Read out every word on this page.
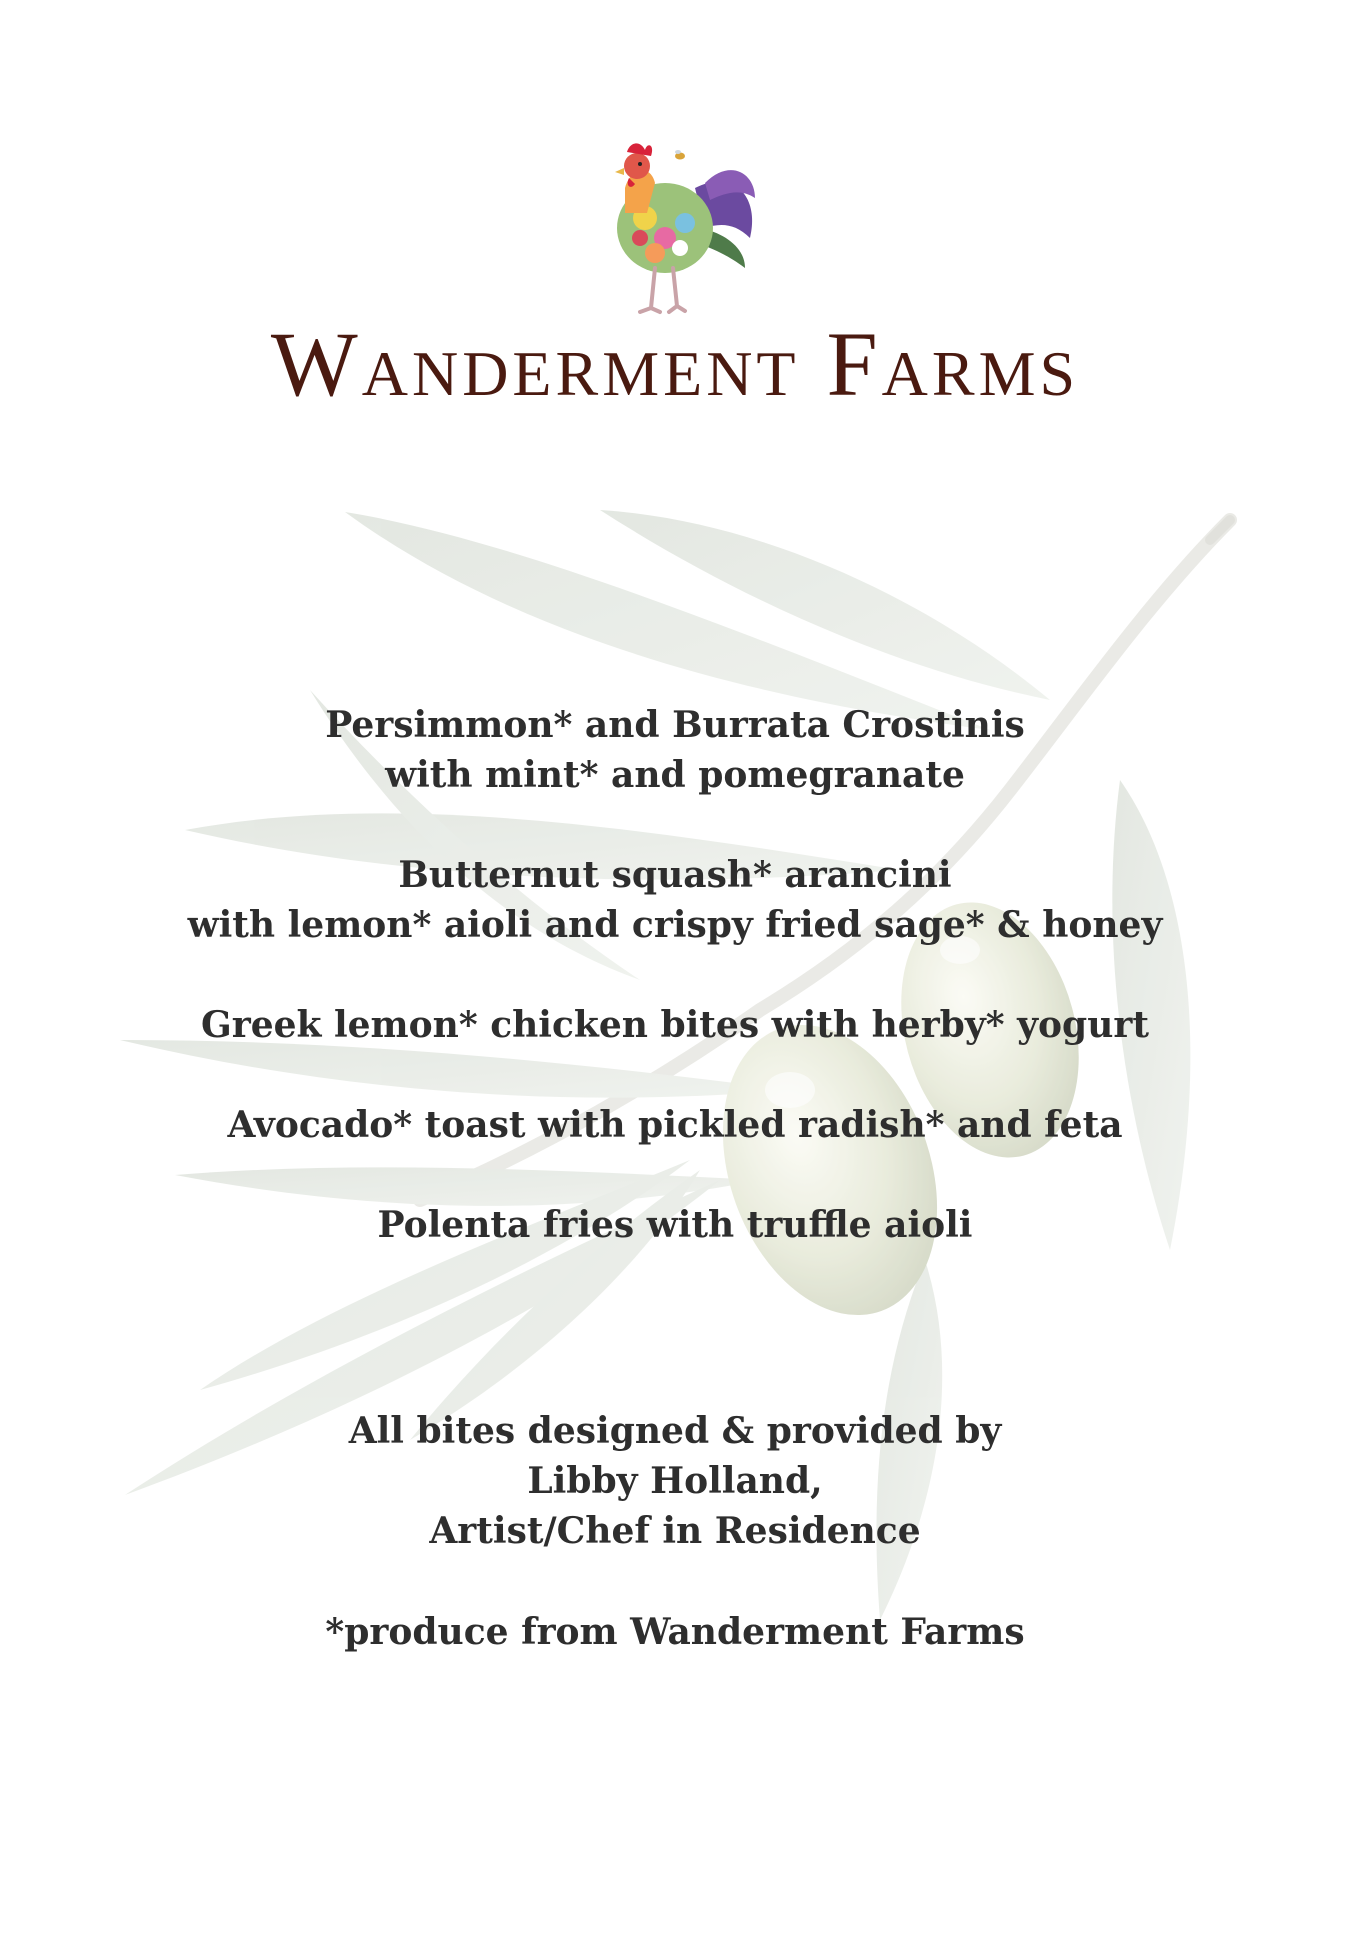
Wanderment Farms
Persimmon* and Burrata Crostinis
with mint* and pomegranate
Butternut squash* arancini
with lemon* aioli and crispy fried sage* & honey
Greek lemon* chicken bites with herby* yogurt
Avocado* toast with pickled radish* and feta
Polenta fries with truffle aioli
All bites designed & provided by
Libby Holland,
Artist/Chef in Residence
*produce from Wanderment Farms
